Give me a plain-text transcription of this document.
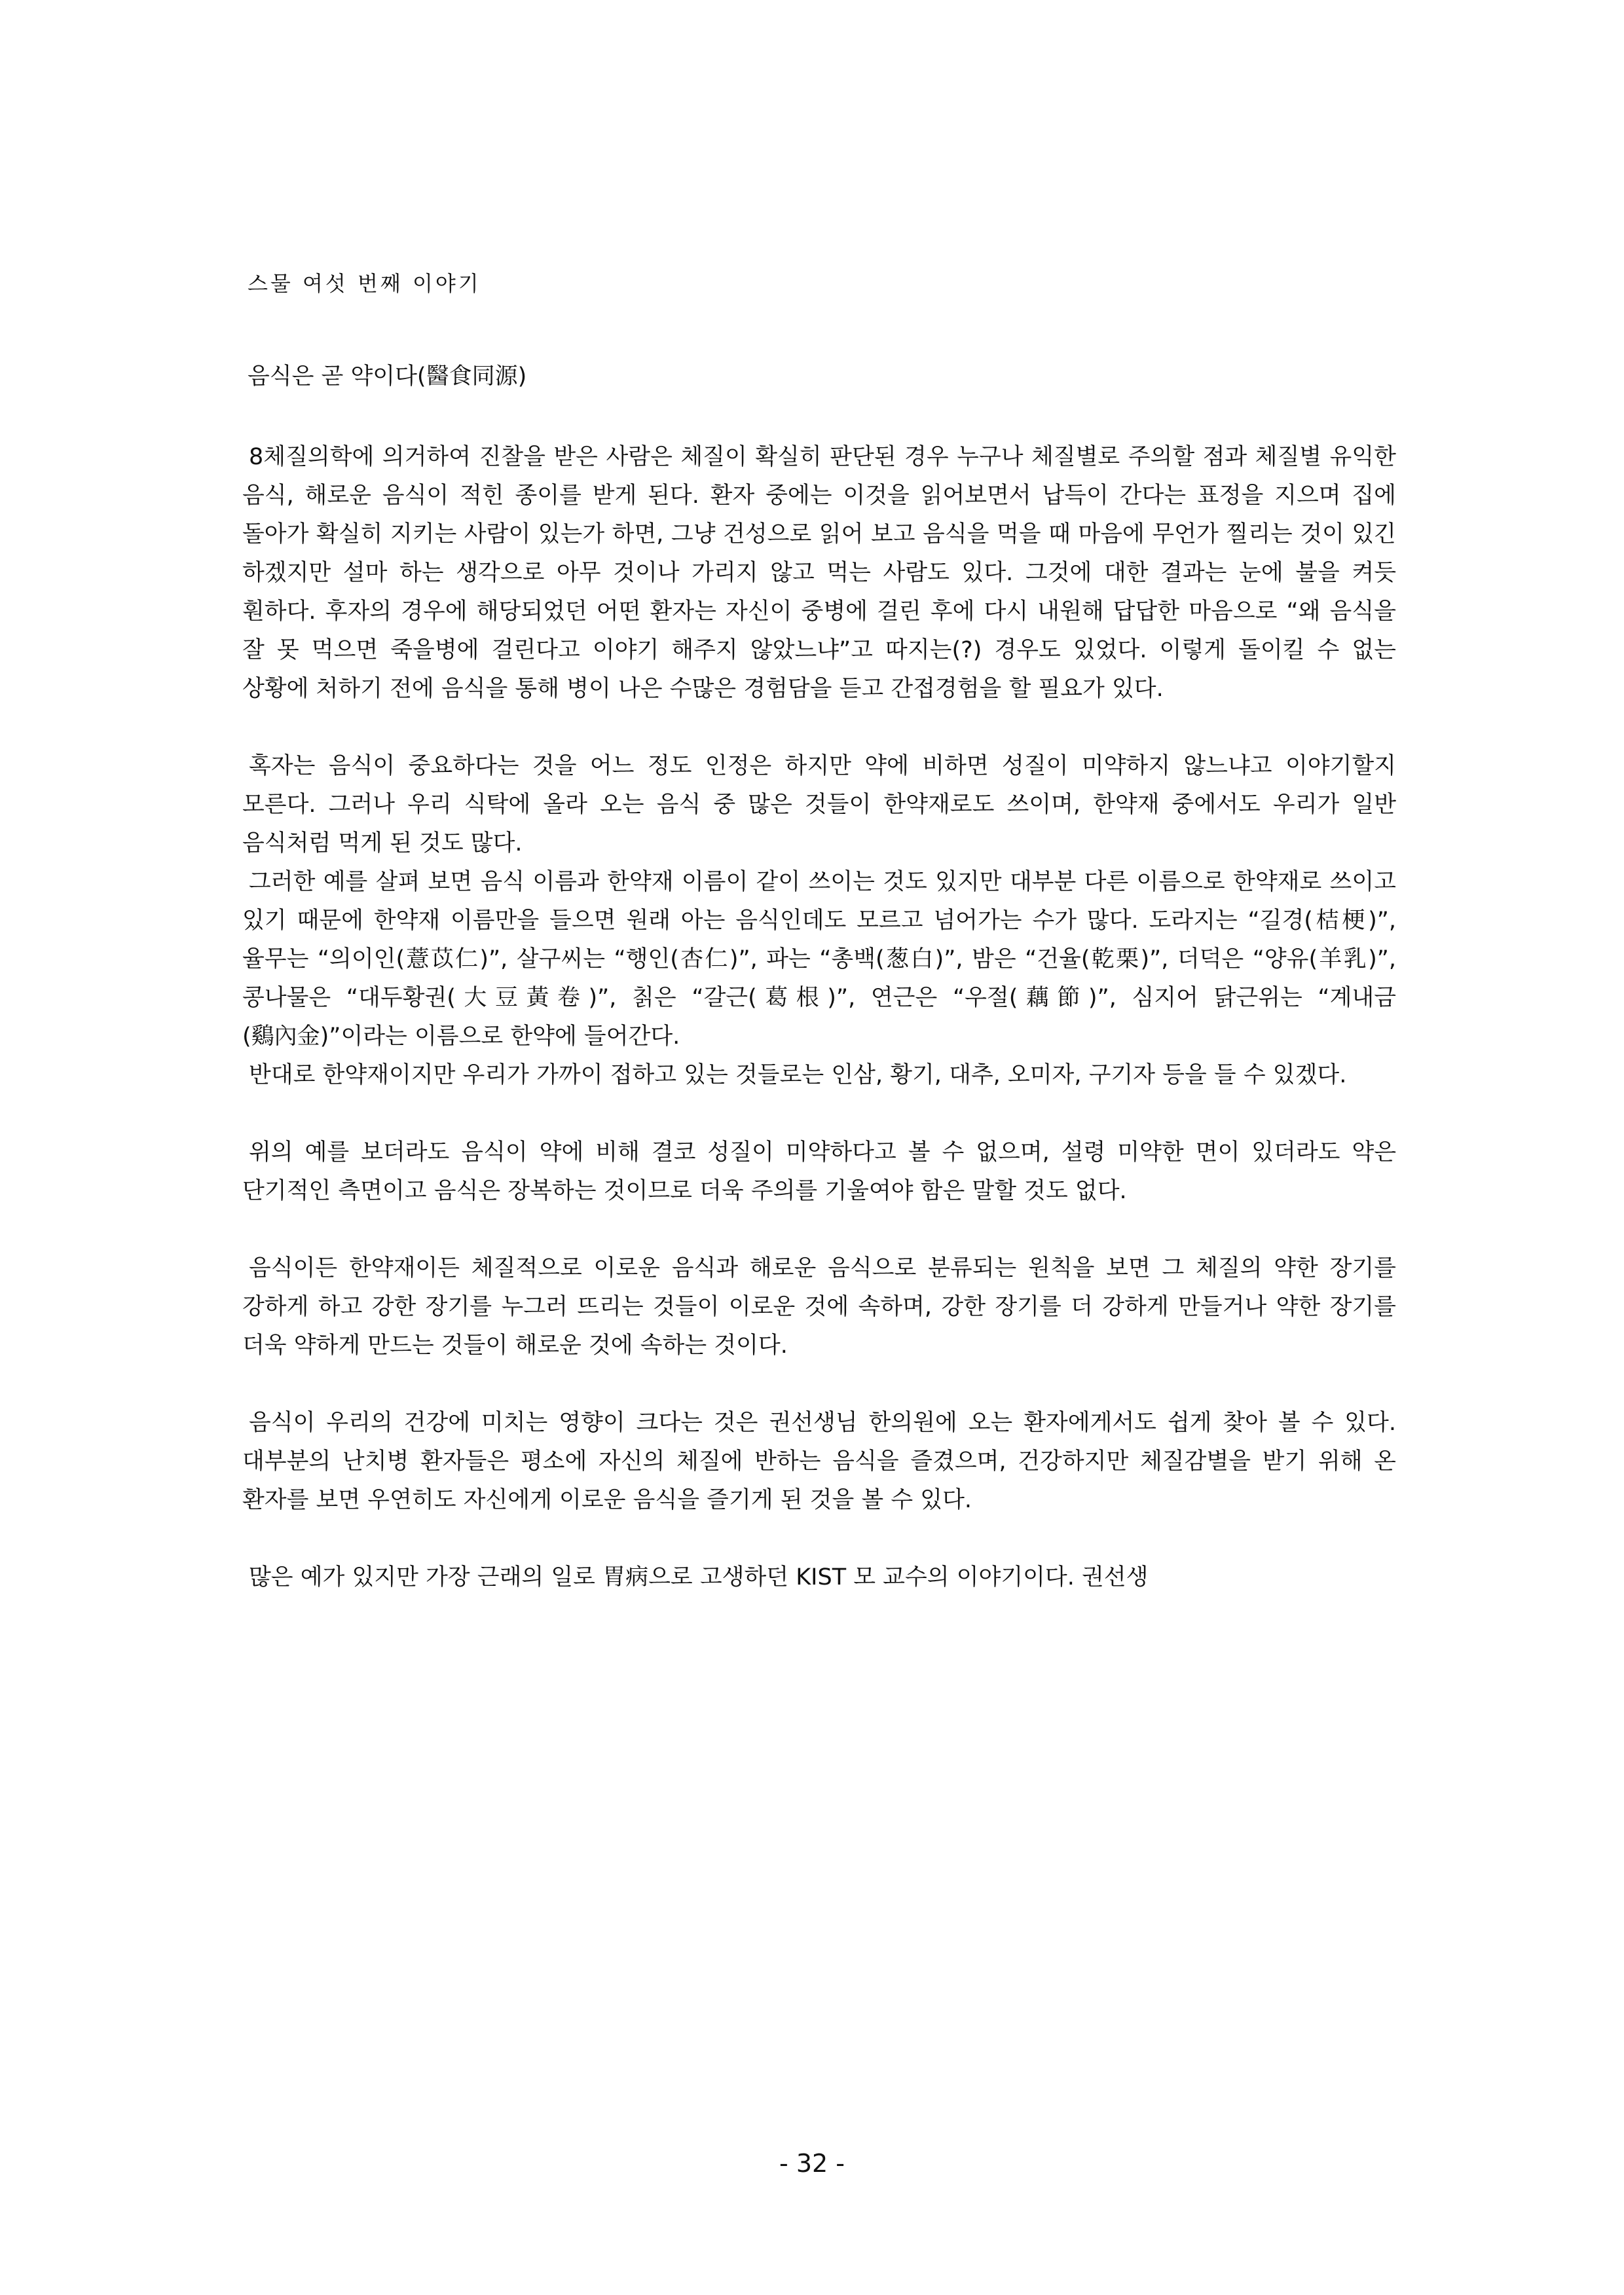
스물 여섯 번째 이야기
음식은 곧 약이다(醫食同源)

8체질의학에 의거하여 진찰을 받은 사람은 체질이 확실히 판단된 경우 누구나 체질별로 주의할 점과 체질별 유익한 음식, 해로운 음식이 적힌 종이를 받게 된다. 환자 중에는 이것을 읽어보면서 납득이 간다는 표정을 지으며 집에 돌아가 확실히 지키는 사람이 있는가 하면, 그냥 건성으로 읽어 보고 음식을 먹을 때 마음에 무언가 찔리는 것이 있긴 하겠지만 설마 하는 생각으로 아무 것이나 가리지 않고 먹는 사람도 있다. 그것에 대한 결과는 눈에 불을 켜듯 훤하다. 후자의 경우에 해당되었던 어떤 환자는 자신이 중병에 걸린 후에 다시 내원해 답답한 마음으로 “왜 음식을 잘 못 먹으면 죽을병에 걸린다고 이야기 해주지 않았느냐”고 따지는(?) 경우도 있었다. 이렇게 돌이킬 수 없는 상황에 처하기 전에 음식을 통해 병이 나은 수많은 경험담을 듣고 간접경험을 할 필요가 있다.

혹자는 음식이 중요하다는 것을 어느 정도 인정은 하지만 약에 비하면 성질이 미약하지 않느냐고 이야기할지 모른다. 그러나 우리 식탁에 올라 오는 음식 중 많은 것들이 한약재로도 쓰이며, 한약재 중에서도 우리가 일반 음식처럼 먹게 된 것도 많다.

그러한 예를 살펴 보면 음식 이름과 한약재 이름이 같이 쓰이는 것도 있지만 대부분 다른 이름으로 한약재로 쓰이고 있기 때문에 한약재 이름만을 들으면 원래 아는 음식인데도 모르고 넘어가는 수가 많다. 도라지는 “길경(桔梗)”, 율무는 “의이인(薏苡仁)”, 살구씨는 “행인(杏仁)”, 파는 “총백(葱白)”, 밤은 “건율(乾栗)”, 더덕은 “양유(羊乳)”, 콩나물은 “대두황권(大豆黃卷)”, 칡은 “갈근(葛根)”, 연근은 “우절(藕節)”, 심지어 닭근위는 “계내금(鷄內金)”이라는 이름으로 한약에 들어간다.

반대로 한약재이지만 우리가 가까이 접하고 있는 것들로는 인삼, 황기, 대추, 오미자, 구기자 등을 들 수 있겠다.

위의 예를 보더라도 음식이 약에 비해 결코 성질이 미약하다고 볼 수 없으며, 설령 미약한 면이 있더라도 약은 단기적인 측면이고 음식은 장복하는 것이므로 더욱 주의를 기울여야 함은 말할 것도 없다.

음식이든 한약재이든 체질적으로 이로운 음식과 해로운 음식으로 분류되는 원칙을 보면 그 체질의 약한 장기를 강하게 하고 강한 장기를 누그러 뜨리는 것들이 이로운 것에 속하며, 강한 장기를 더 강하게 만들거나 약한 장기를 더욱 약하게 만드는 것들이 해로운 것에 속하는 것이다.

음식이 우리의 건강에 미치는 영향이 크다는 것은 권선생님 한의원에 오는 환자에게서도 쉽게 찾아 볼 수 있다. 대부분의 난치병 환자들은 평소에 자신의 체질에 반하는 음식을 즐겼으며, 건강하지만 체질감별을 받기 위해 온 환자를 보면 우연히도 자신에게 이로운 음식을 즐기게 된 것을 볼 수 있다.

많은 예가 있지만 가장 근래의 일로 胃病으로 고생하던 KIST 모 교수의 이야기이다. 권선생

- 32 -
